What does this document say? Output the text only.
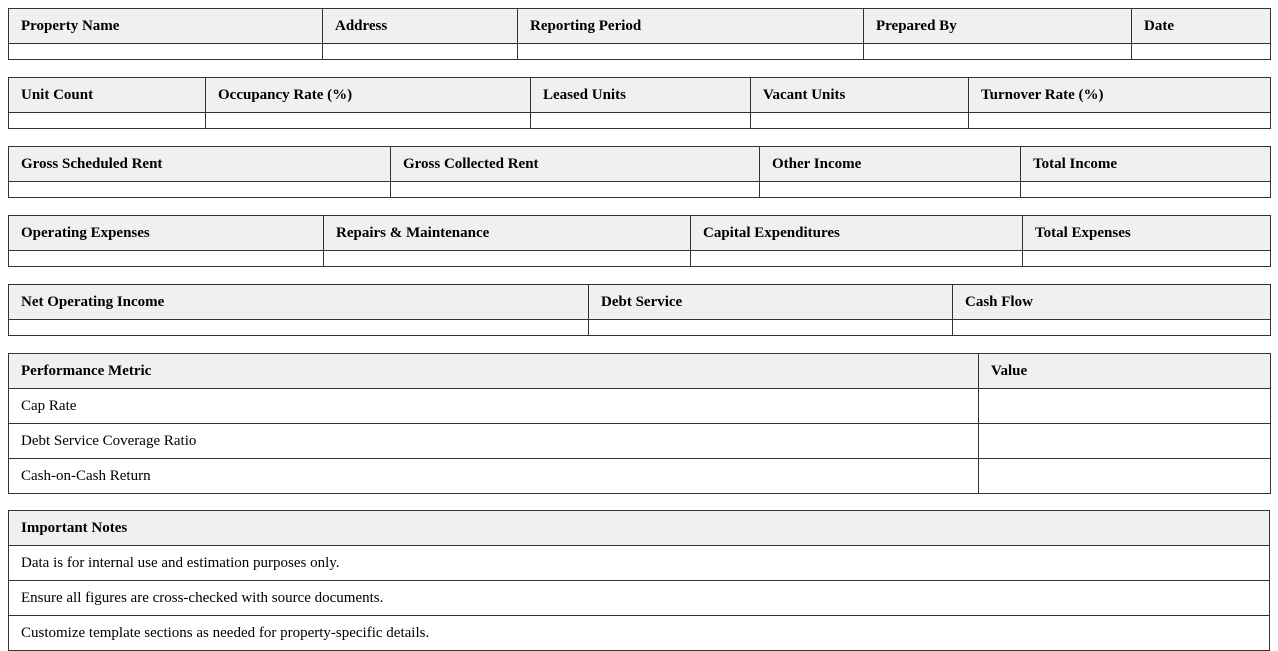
Property Name	Address	Reporting Period	Prepared By	Date

Unit Count	Occupancy Rate (%)	Leased Units	Vacant Units	Turnover Rate (%)

Gross Scheduled Rent	Gross Collected Rent	Other Income	Total Income

Operating Expenses	Repairs & Maintenance	Capital Expenditures	Total Expenses

Net Operating Income	Debt Service	Cash Flow

Performance Metric	Value
Cap Rate	
Debt Service Coverage Ratio	
Cash-on-Cash Return	
Important Notes
Data is for internal use and estimation purposes only.
Ensure all figures are cross-checked with source documents.
Customize template sections as needed for property-specific details.
